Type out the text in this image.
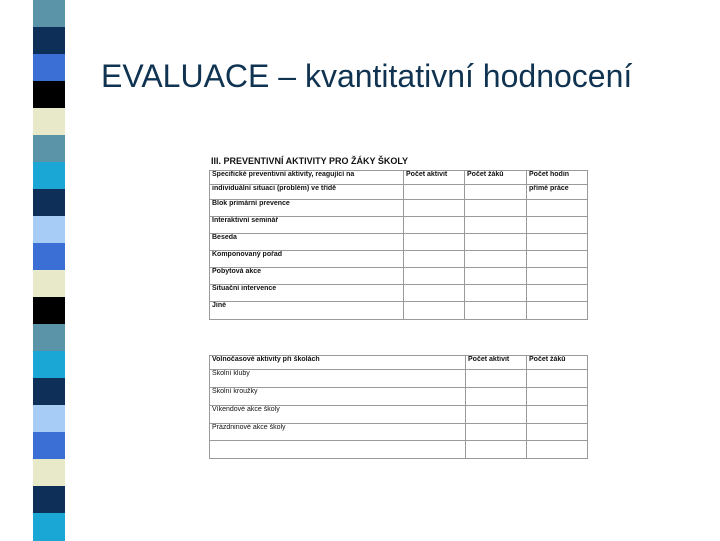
EVALUACE – kvantitativní hodnocení
III. PREVENTIVNÍ AKTIVITY PRO ŽÁKY ŠKOLY
Specifické preventivní aktivity, reagující na	Počet aktivit	Počet žáků	Počet hodin
individuální situaci (problém) ve třídě			přímé práce
Blok primární prevence			
Interaktivní seminář			
Beseda			
Komponovaný pořad			
Pobytová akce			
Situační intervence			
Jiné			
Volnočasové aktivity při školách	Počet aktivit	Počet žáků
Školní kluby		
Školní kroužky		
Víkendové akce školy		
Prázdninové akce školy		
